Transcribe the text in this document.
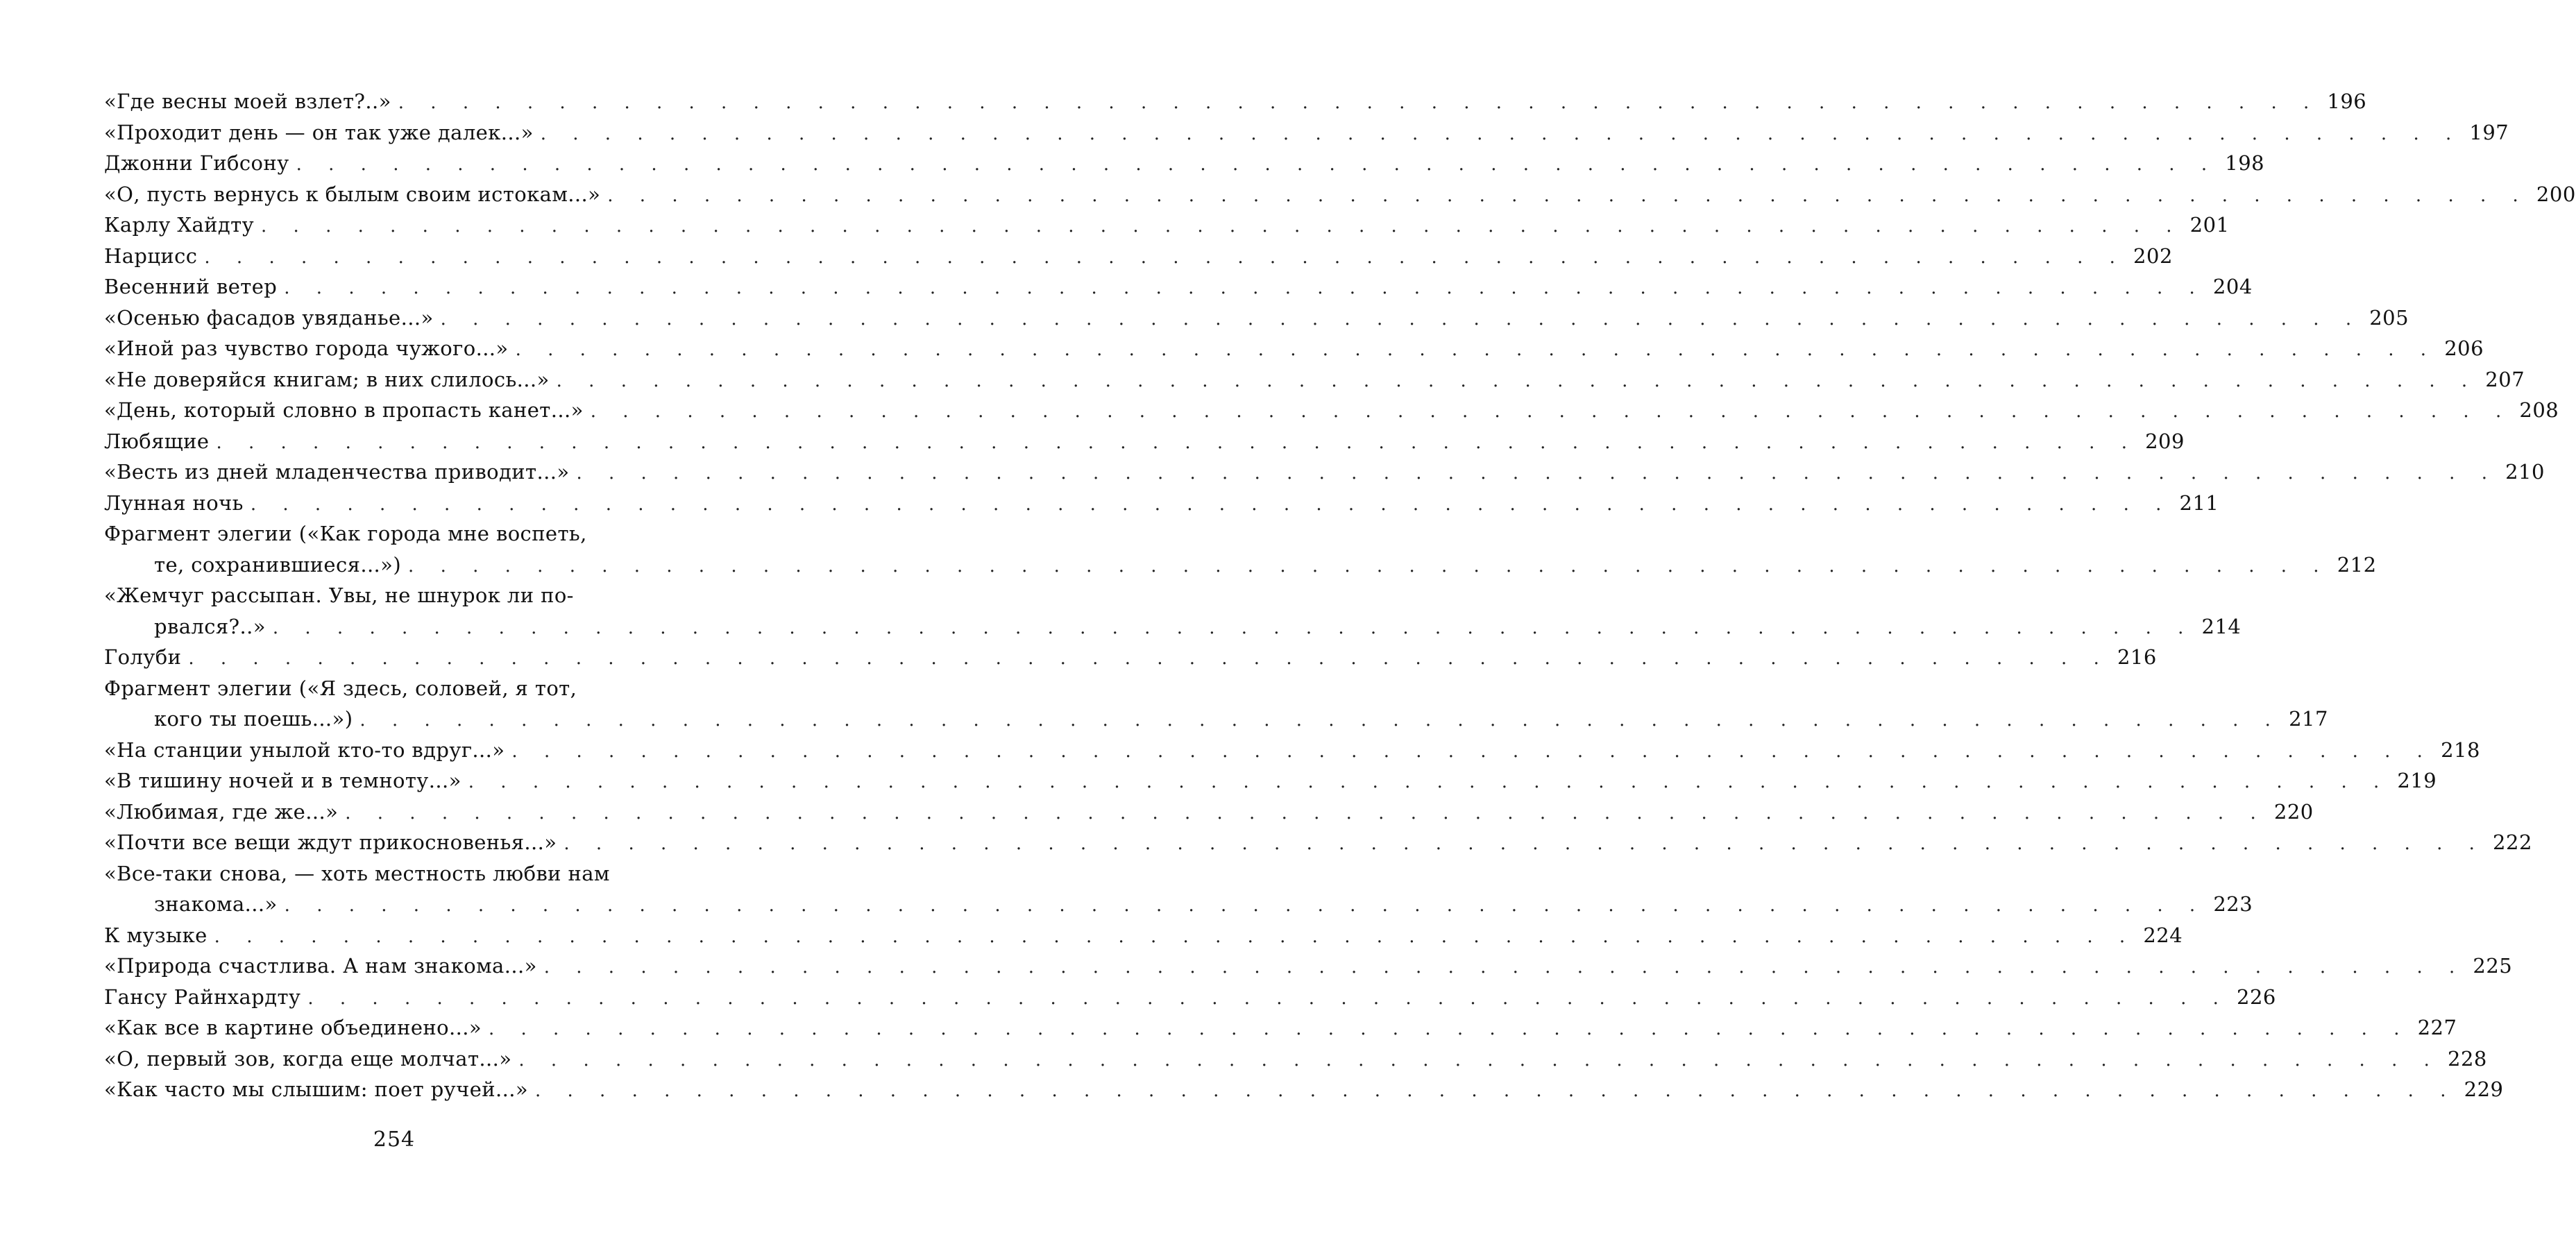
«Где весны моей взлет?..» . . . . . . . . . . . . . . . . . . . . . . . . . . . . . . . . . . . . . . . . . . . . . . . . . . . . . . . . . . . . 196
«Проходит день — он так уже далек...» . . . . . . . . . . . . . . . . . . . . . . . . . . . . . . . . . . . . . . . . . . . . . . . . . . . . . . . . . . . . 197
Джонни Гибсону . . . . . . . . . . . . . . . . . . . . . . . . . . . . . . . . . . . . . . . . . . . . . . . . . . . . . . . . . . . . 198
«О, пусть вернусь к былым своим истокам...» . . . . . . . . . . . . . . . . . . . . . . . . . . . . . . . . . . . . . . . . . . . . . . . . . . . . . . . . . . . . 200
Карлу Хайдту . . . . . . . . . . . . . . . . . . . . . . . . . . . . . . . . . . . . . . . . . . . . . . . . . . . . . . . . . . . . 201
Нарцисс . . . . . . . . . . . . . . . . . . . . . . . . . . . . . . . . . . . . . . . . . . . . . . . . . . . . . . . . . . . . 202
Весенний ветер . . . . . . . . . . . . . . . . . . . . . . . . . . . . . . . . . . . . . . . . . . . . . . . . . . . . . . . . . . . . 204
«Осенью фасадов увяданье...» . . . . . . . . . . . . . . . . . . . . . . . . . . . . . . . . . . . . . . . . . . . . . . . . . . . . . . . . . . . . 205
«Иной раз чувство города чужого...» . . . . . . . . . . . . . . . . . . . . . . . . . . . . . . . . . . . . . . . . . . . . . . . . . . . . . . . . . . . . 206
«Не доверяйся книгам; в них слилось...» . . . . . . . . . . . . . . . . . . . . . . . . . . . . . . . . . . . . . . . . . . . . . . . . . . . . . . . . . . . . 207
«День, который словно в пропасть канет...» . . . . . . . . . . . . . . . . . . . . . . . . . . . . . . . . . . . . . . . . . . . . . . . . . . . . . . . . . . . . 208
Любящие . . . . . . . . . . . . . . . . . . . . . . . . . . . . . . . . . . . . . . . . . . . . . . . . . . . . . . . . . . . . 209
«Весть из дней младенчества приводит...» . . . . . . . . . . . . . . . . . . . . . . . . . . . . . . . . . . . . . . . . . . . . . . . . . . . . . . . . . . . . 210
Лунная ночь . . . . . . . . . . . . . . . . . . . . . . . . . . . . . . . . . . . . . . . . . . . . . . . . . . . . . . . . . . . . 211
Фрагмент элегии («Как города мне воспеть,
те, сохранившиеся...») . . . . . . . . . . . . . . . . . . . . . . . . . . . . . . . . . . . . . . . . . . . . . . . . . . . . . . . . . . . . 212
«Жемчуг рассыпан. Увы, не шнурок ли по-
рвался?..» . . . . . . . . . . . . . . . . . . . . . . . . . . . . . . . . . . . . . . . . . . . . . . . . . . . . . . . . . . . . 214
Голуби . . . . . . . . . . . . . . . . . . . . . . . . . . . . . . . . . . . . . . . . . . . . . . . . . . . . . . . . . . . . 216
Фрагмент элегии («Я здесь, соловей, я тот,
кого ты поешь...») . . . . . . . . . . . . . . . . . . . . . . . . . . . . . . . . . . . . . . . . . . . . . . . . . . . . . . . . . . . . 217
«На станции унылой кто-то вдруг...» . . . . . . . . . . . . . . . . . . . . . . . . . . . . . . . . . . . . . . . . . . . . . . . . . . . . . . . . . . . . 218
«В тишину ночей и в темноту...» . . . . . . . . . . . . . . . . . . . . . . . . . . . . . . . . . . . . . . . . . . . . . . . . . . . . . . . . . . . . 219
«Любимая, где же...» . . . . . . . . . . . . . . . . . . . . . . . . . . . . . . . . . . . . . . . . . . . . . . . . . . . . . . . . . . . . 220
«Почти все вещи ждут прикосновенья...» . . . . . . . . . . . . . . . . . . . . . . . . . . . . . . . . . . . . . . . . . . . . . . . . . . . . . . . . . . . . 222
«Все-таки снова, — хоть местность любви нам
знакома...» . . . . . . . . . . . . . . . . . . . . . . . . . . . . . . . . . . . . . . . . . . . . . . . . . . . . . . . . . . . . 223
К музыке . . . . . . . . . . . . . . . . . . . . . . . . . . . . . . . . . . . . . . . . . . . . . . . . . . . . . . . . . . . . 224
«Природа счастлива. А нам знакома...» . . . . . . . . . . . . . . . . . . . . . . . . . . . . . . . . . . . . . . . . . . . . . . . . . . . . . . . . . . . . 225
Гансу Райнхардту . . . . . . . . . . . . . . . . . . . . . . . . . . . . . . . . . . . . . . . . . . . . . . . . . . . . . . . . . . . . 226
«Как все в картине объединено...» . . . . . . . . . . . . . . . . . . . . . . . . . . . . . . . . . . . . . . . . . . . . . . . . . . . . . . . . . . . . 227
«О, первый зов, когда еще молчат...» . . . . . . . . . . . . . . . . . . . . . . . . . . . . . . . . . . . . . . . . . . . . . . . . . . . . . . . . . . . . 228
«Как часто мы слышим: поет ручей...» . . . . . . . . . . . . . . . . . . . . . . . . . . . . . . . . . . . . . . . . . . . . . . . . . . . . . . . . . . . . 229
254
